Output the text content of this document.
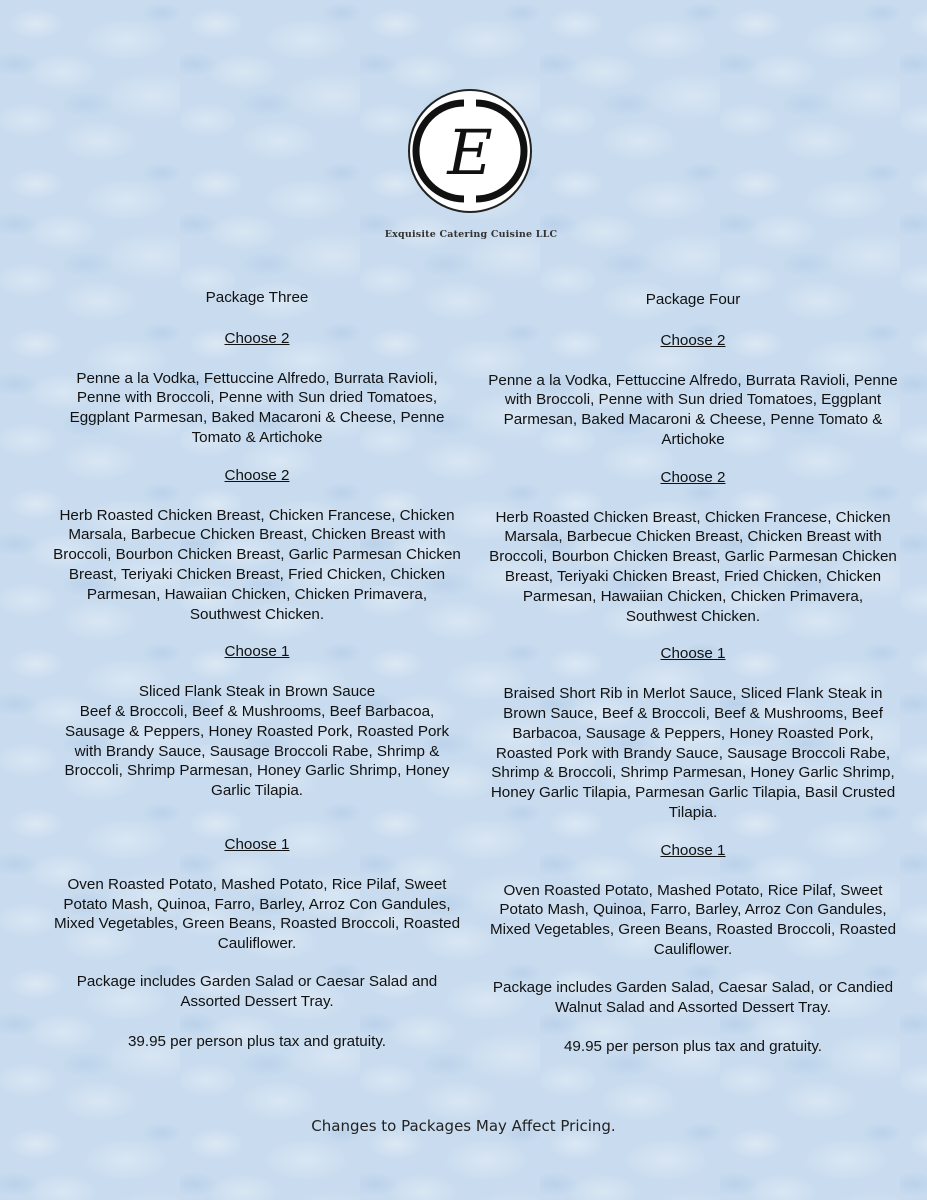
E
Exquisite Catering Cuisine LLC

Package Three

Choose 2

Penne a la Vodka, Fettuccine Alfredo, Burrata Ravioli, Penne with Broccoli, Penne with Sun dried Tomatoes, Eggplant Parmesan, Baked Macaroni & Cheese, Penne Tomato & Artichoke

Choose 2

Herb Roasted Chicken Breast, Chicken Francese, Chicken Marsala, Barbecue Chicken Breast, Chicken Breast with Broccoli, Bourbon Chicken Breast, Garlic Parmesan Chicken Breast, Teriyaki Chicken Breast, Fried Chicken, Chicken Parmesan, Hawaiian Chicken, Chicken Primavera, Southwest Chicken.

Choose 1

Sliced Flank Steak in Brown Sauce

Beef & Broccoli, Beef & Mushrooms, Beef Barbacoa, Sausage & Peppers, Honey Roasted Pork, Roasted Pork with Brandy Sauce, Sausage Broccoli Rabe, Shrimp & Broccoli, Shrimp Parmesan, Honey Garlic Shrimp, Honey Garlic Tilapia.

Choose 1

Oven Roasted Potato, Mashed Potato, Rice Pilaf, Sweet Potato Mash, Quinoa, Farro, Barley, Arroz Con Gandules, Mixed Vegetables, Green Beans, Roasted Broccoli, Roasted Cauliflower.

Package includes Garden Salad or Caesar Salad and Assorted Dessert Tray.

39.95 per person plus tax and gratuity.

Package Four

Choose 2

Penne a la Vodka, Fettuccine Alfredo, Burrata Ravioli, Penne with Broccoli, Penne with Sun dried Tomatoes, Eggplant Parmesan, Baked Macaroni & Cheese, Penne Tomato & Artichoke

Choose 2

Herb Roasted Chicken Breast, Chicken Francese, Chicken Marsala, Barbecue Chicken Breast, Chicken Breast with Broccoli, Bourbon Chicken Breast, Garlic Parmesan Chicken Breast, Teriyaki Chicken Breast, Fried Chicken, Chicken Parmesan, Hawaiian Chicken, Chicken Primavera, Southwest Chicken.

Choose 1

Braised Short Rib in Merlot Sauce, Sliced Flank Steak in Brown Sauce, Beef & Broccoli, Beef & Mushrooms, Beef Barbacoa, Sausage & Peppers, Honey Roasted Pork, Roasted Pork with Brandy Sauce, Sausage Broccoli Rabe, Shrimp & Broccoli, Shrimp Parmesan, Honey Garlic Shrimp, Honey Garlic Tilapia, Parmesan Garlic Tilapia, Basil Crusted Tilapia.

Choose 1

Oven Roasted Potato, Mashed Potato, Rice Pilaf, Sweet Potato Mash, Quinoa, Farro, Barley, Arroz Con Gandules, Mixed Vegetables, Green Beans, Roasted Broccoli, Roasted Cauliflower.

Package includes Garden Salad, Caesar Salad, or Candied Walnut Salad and Assorted Dessert Tray.

49.95 per person plus tax and gratuity.

Changes to Packages May Affect Pricing.
